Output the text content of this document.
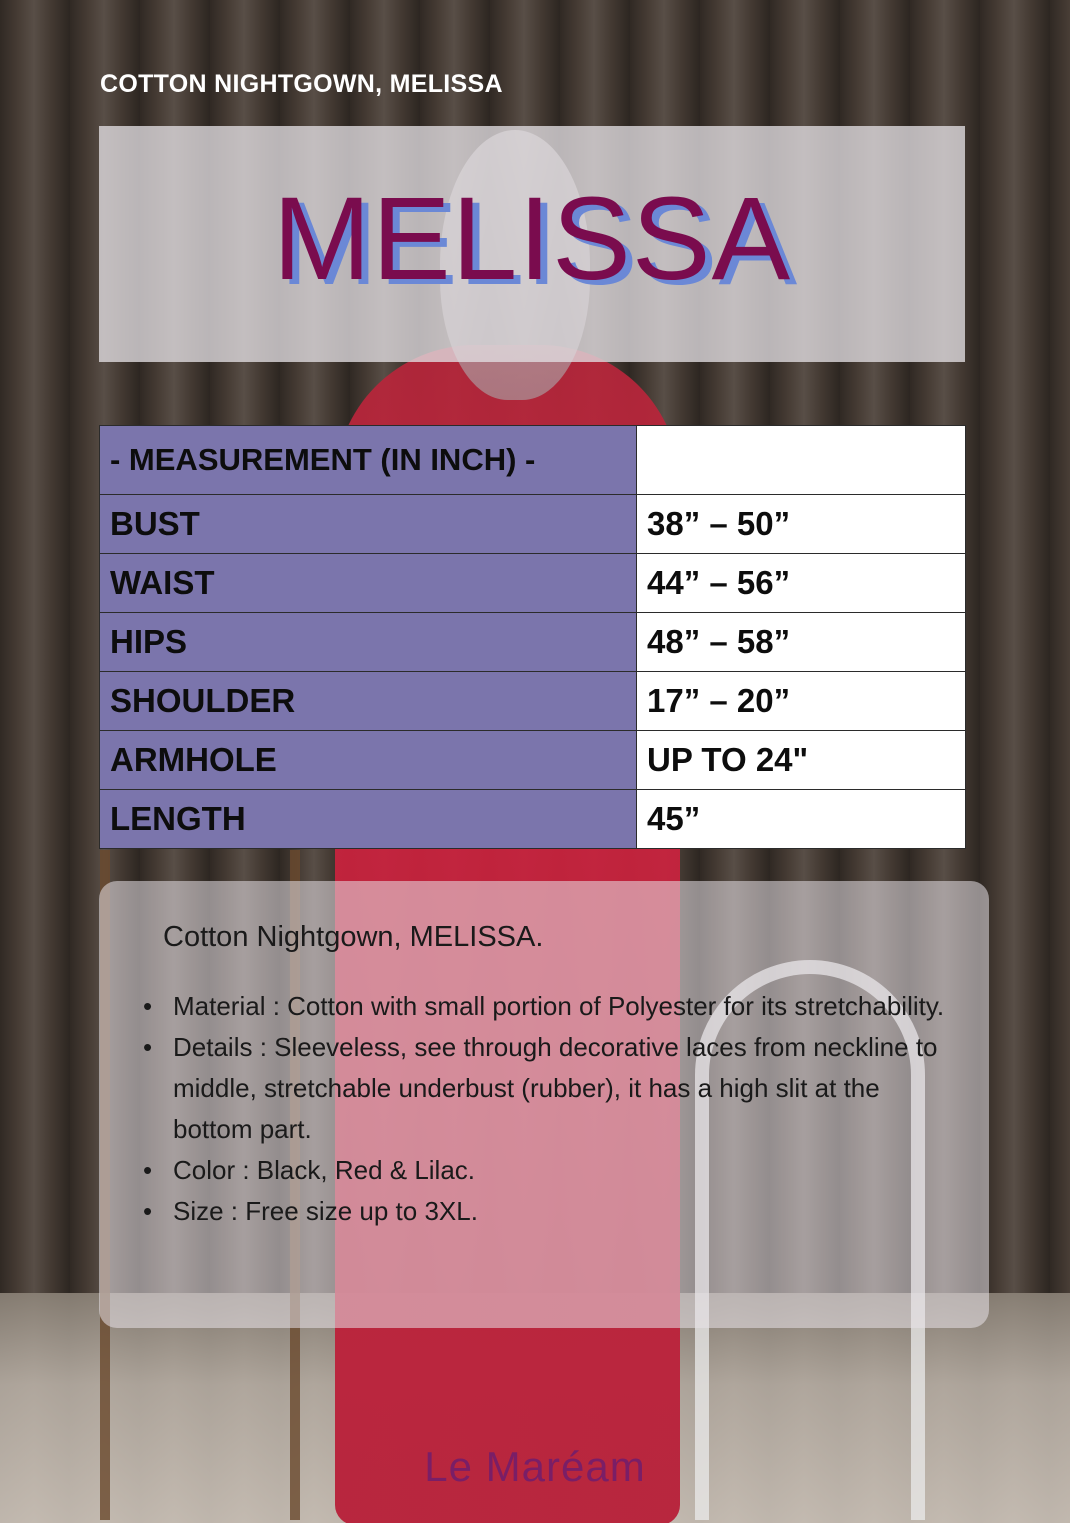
COTTON NIGHTGOWN, MELISSA
MELISSA
- MEASUREMENT (IN INCH) -	
BUST	38” – 50”
WAIST	44” – 56”
HIPS	48” – 58”
SHOULDER	17” – 20”
ARMHOLE	UP TO 24"
LENGTH	45”
Cotton Nightgown, MELISSA.
• Material : Cotton with small portion of Polyester for its stretchability.
• Details : Sleeveless, see through decorative laces from neckline to middle, stretchable underbust (rubber), it has a high slit at the bottom part.
• Color : Black, Red & Lilac.
• Size : Free size up to 3XL.
Le Maréam
